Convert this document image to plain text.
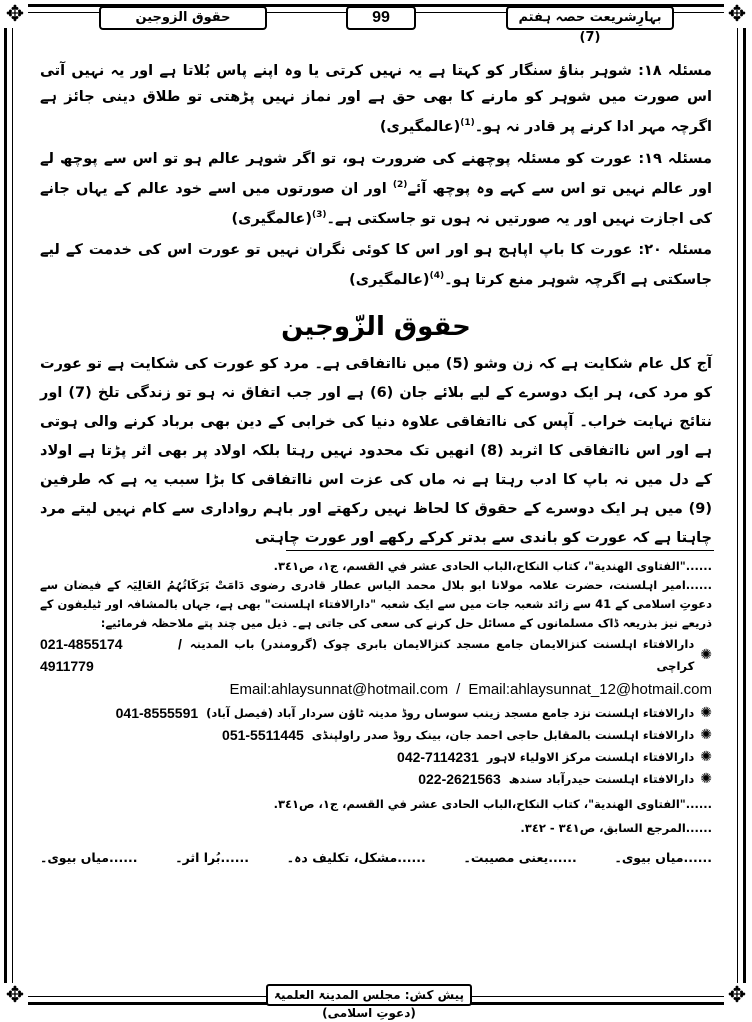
✥	✥
✥	✥
بہارِشریعت حصہ ہفتم (7)
99
حقوق الزوجین

مسئلہ ۱۸: شوہر بناؤ سنگار کو کہتا ہے یہ نہیں کرتی یا وہ اپنے پاس بُلاتا ہے اور یہ نہیں آتی اس صورت میں شوہر کو مارنے کا بھی حق ہے اور نماز نہیں پڑھتی تو طلاق دینی جائز ہے اگرچہ مہر ادا کرنے پر قادر نہ ہو۔$^{(1)}$(عالمگیری)

مسئلہ ۱۹: عورت کو مسئلہ پوچھنے کی ضرورت ہو، تو اگر شوہر عالم ہو تو اس سے پوچھ لے اور عالم نہیں تو اس سے کہے وہ پوچھ آئے$^{(2)}$ اور ان صورتوں میں اسے خود عالم کے یہاں جانے کی اجازت نہیں اور یہ صورتیں نہ ہوں تو جاسکتی ہے۔$^{(3)}$(عالمگیری)

مسئلہ ۲۰: عورت کا باپ اپاہج ہو اور اس کا کوئی نگران نہیں تو عورت اس کی خدمت کے لیے جاسکتی ہے اگرچہ شوہر منع کرتا ہو۔$^{(4)}$(عالمگیری)

حقوق الزّوجین

آج کل عام شکایت ہے کہ زن وشو (5) میں نااتفاقی ہے۔ مرد کو عورت کی شکایت ہے تو عورت کو مرد کی، ہر ایک دوسرے کے لیے بلائے جان (6) ہے اور جب اتفاق نہ ہو تو زندگی تلخ (7) اور نتائج نہایت خراب۔ آپس کی نااتفاقی علاوہ دنیا کی خرابی کے دین بھی برباد کرنے والی ہوتی ہے اور اس نااتفاقی کا اثربد (8) انھیں تک محدود نہیں رہتا بلکہ اولاد پر بھی اثر پڑتا ہے اولاد کے دل میں نہ باپ کا ادب رہتا ہے نہ ماں کی عزت اس نااتفاقی کا بڑا سبب یہ ہے کہ طرفین (9) میں ہر ایک دوسرے کے حقوق کا لحاظ نہیں رکھتے اور باہم رواداری سے کام نہیں لیتے مرد چاہتا ہے کہ عورت کو باندی سے بدتر کرکے رکھے اور عورت چاہتی

......"الفتاوى الهندية"، كتاب النكاح،الباب الحادى عشر في القسم، ج١، ص٣٤١.

......امیر اہلسنت، حضرت علامہ مولانا ابو بلال محمد الیاس عطار قادری رضوی دَامَتْ بَرَکَاتُہُمُ العَالِیَہ کے فیضان سے دعوتِ اسلامی کے 41 سے زائد شعبہ جات میں سے ایک شعبہ "دارالافتاء اہلسنت" بھی ہے، جہاں بالمشافہ اور ٹیلیفون کے ذریعے نیز بذریعہ ڈاک مسلمانوں کے مسائل حل کرنے کی سعی کی جاتی ہے۔ ذیل میں چند پتے ملاحظہ فرمائیے:

✺
دارالافتاء اہلسنت کنزالایمان جامع مسجد کنزالایمان بابری چوک (گرومندر) باب المدینہ کراچی
021-4855174 / 4911779
Email:ahlaysunnat@hotmail.com / Email:ahlaysunnat_12@hotmail.com
✺
دارالافتاء اہلسنت نزد جامع مسجد زینب سوساں روڈ مدینہ ٹاؤن سردار آباد (فیصل آباد)
041-8555591
✺
دارالافتاء اہلسنت بالمقابل حاجی احمد جان، بینک روڈ صدر راولپنڈی
051-5511445
✺
دارالافتاء اہلسنت مرکز الاولیاء لاہور
042-7114231
✺
دارالافتاء اہلسنت حیدرآباد سندھ
022-2621563

......"الفتاوى الهندية"، كتاب النكاح،الباب الحادى عشر في القسم، ج١، ص٣٤١.

......المرجع السابق، ص٣٤١ - ٣٤٢.

......میاں بیوی۔
......یعنی مصیبت۔
......مشکل، تکلیف دہ۔
......بُرا اثر۔
......میاں بیوی۔
پیش کش: مجلس المدینۃ العلمیۃ (دعوتِ اسلامی)
